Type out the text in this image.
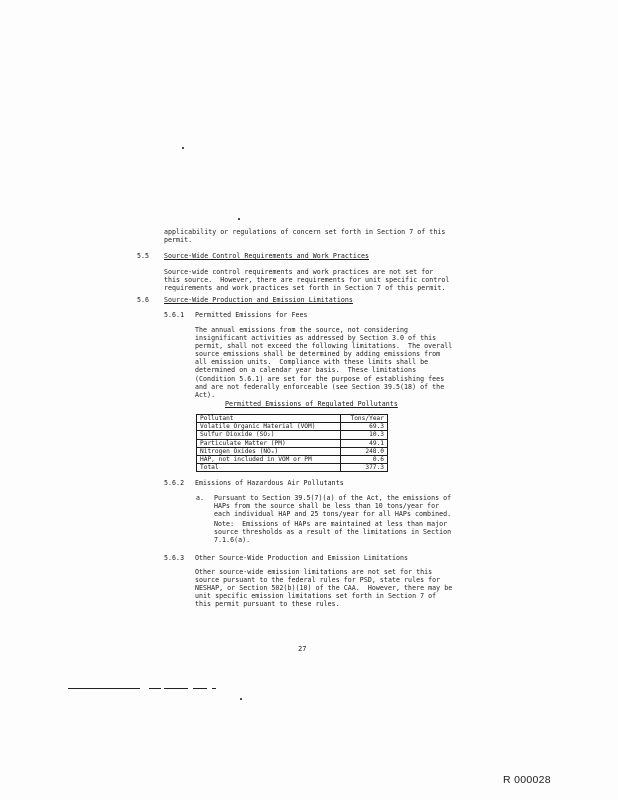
applicability or regulations of concern set forth in Section 7 of this
permit.
5.5 Source-Wide Control Requirements and Work Practices
Source-wide control requirements and work practices are not set for
this source.  However, there are requirements for unit specific control
requirements and work practices set forth in Section 7 of this permit.
5.6 Source-Wide Production and Emission Limitations
5.6.1 Permitted Emissions for Fees
The annual emissions from the source, not considering
insignificant activities as addressed by Section 3.0 of this
permit, shall not exceed the following limitations.  The overall
source emissions shall be determined by adding emissions from
all emission units.  Compliance with these limits shall be
determined on a calendar year basis.  These limitations
(Condition 5.6.1) are set for the purpose of establishing fees
and are not federally enforceable (see Section 39.5(18) of the
Act).
Permitted Emissions of Regulated Pollutants
Pollutant	Tons/Year
Volatile Organic Material (VOM)	69.3
Sulfur Dioxide (SO₂)	10.3
Particulate Matter (PM)	49.1
Nitrogen Oxides (NOₓ)	248.0
HAP, not included in VOM or PM	0.6
Total	377.3
5.6.2 Emissions of Hazardous Air Pollutants
a. Pursuant to Section 39.5(7)(a) of the Act, the emissions of
HAPs from the source shall be less than 10 tons/year for
each individual HAP and 25 tons/year for all HAPs combined.
Note:  Emissions of HAPs are maintained at less than major
source thresholds as a result of the limitations in Section
7.1.6(a).
5.6.3 Other Source-Wide Production and Emission Limitations
Other source-wide emission limitations are not set for this
source pursuant to the federal rules for PSD, state rules for
NESHAP, or Section 502(b)(10) of the CAA.  However, there may be
unit specific emission limitations set forth in Section 7 of
this permit pursuant to these rules.
27
R 000028
